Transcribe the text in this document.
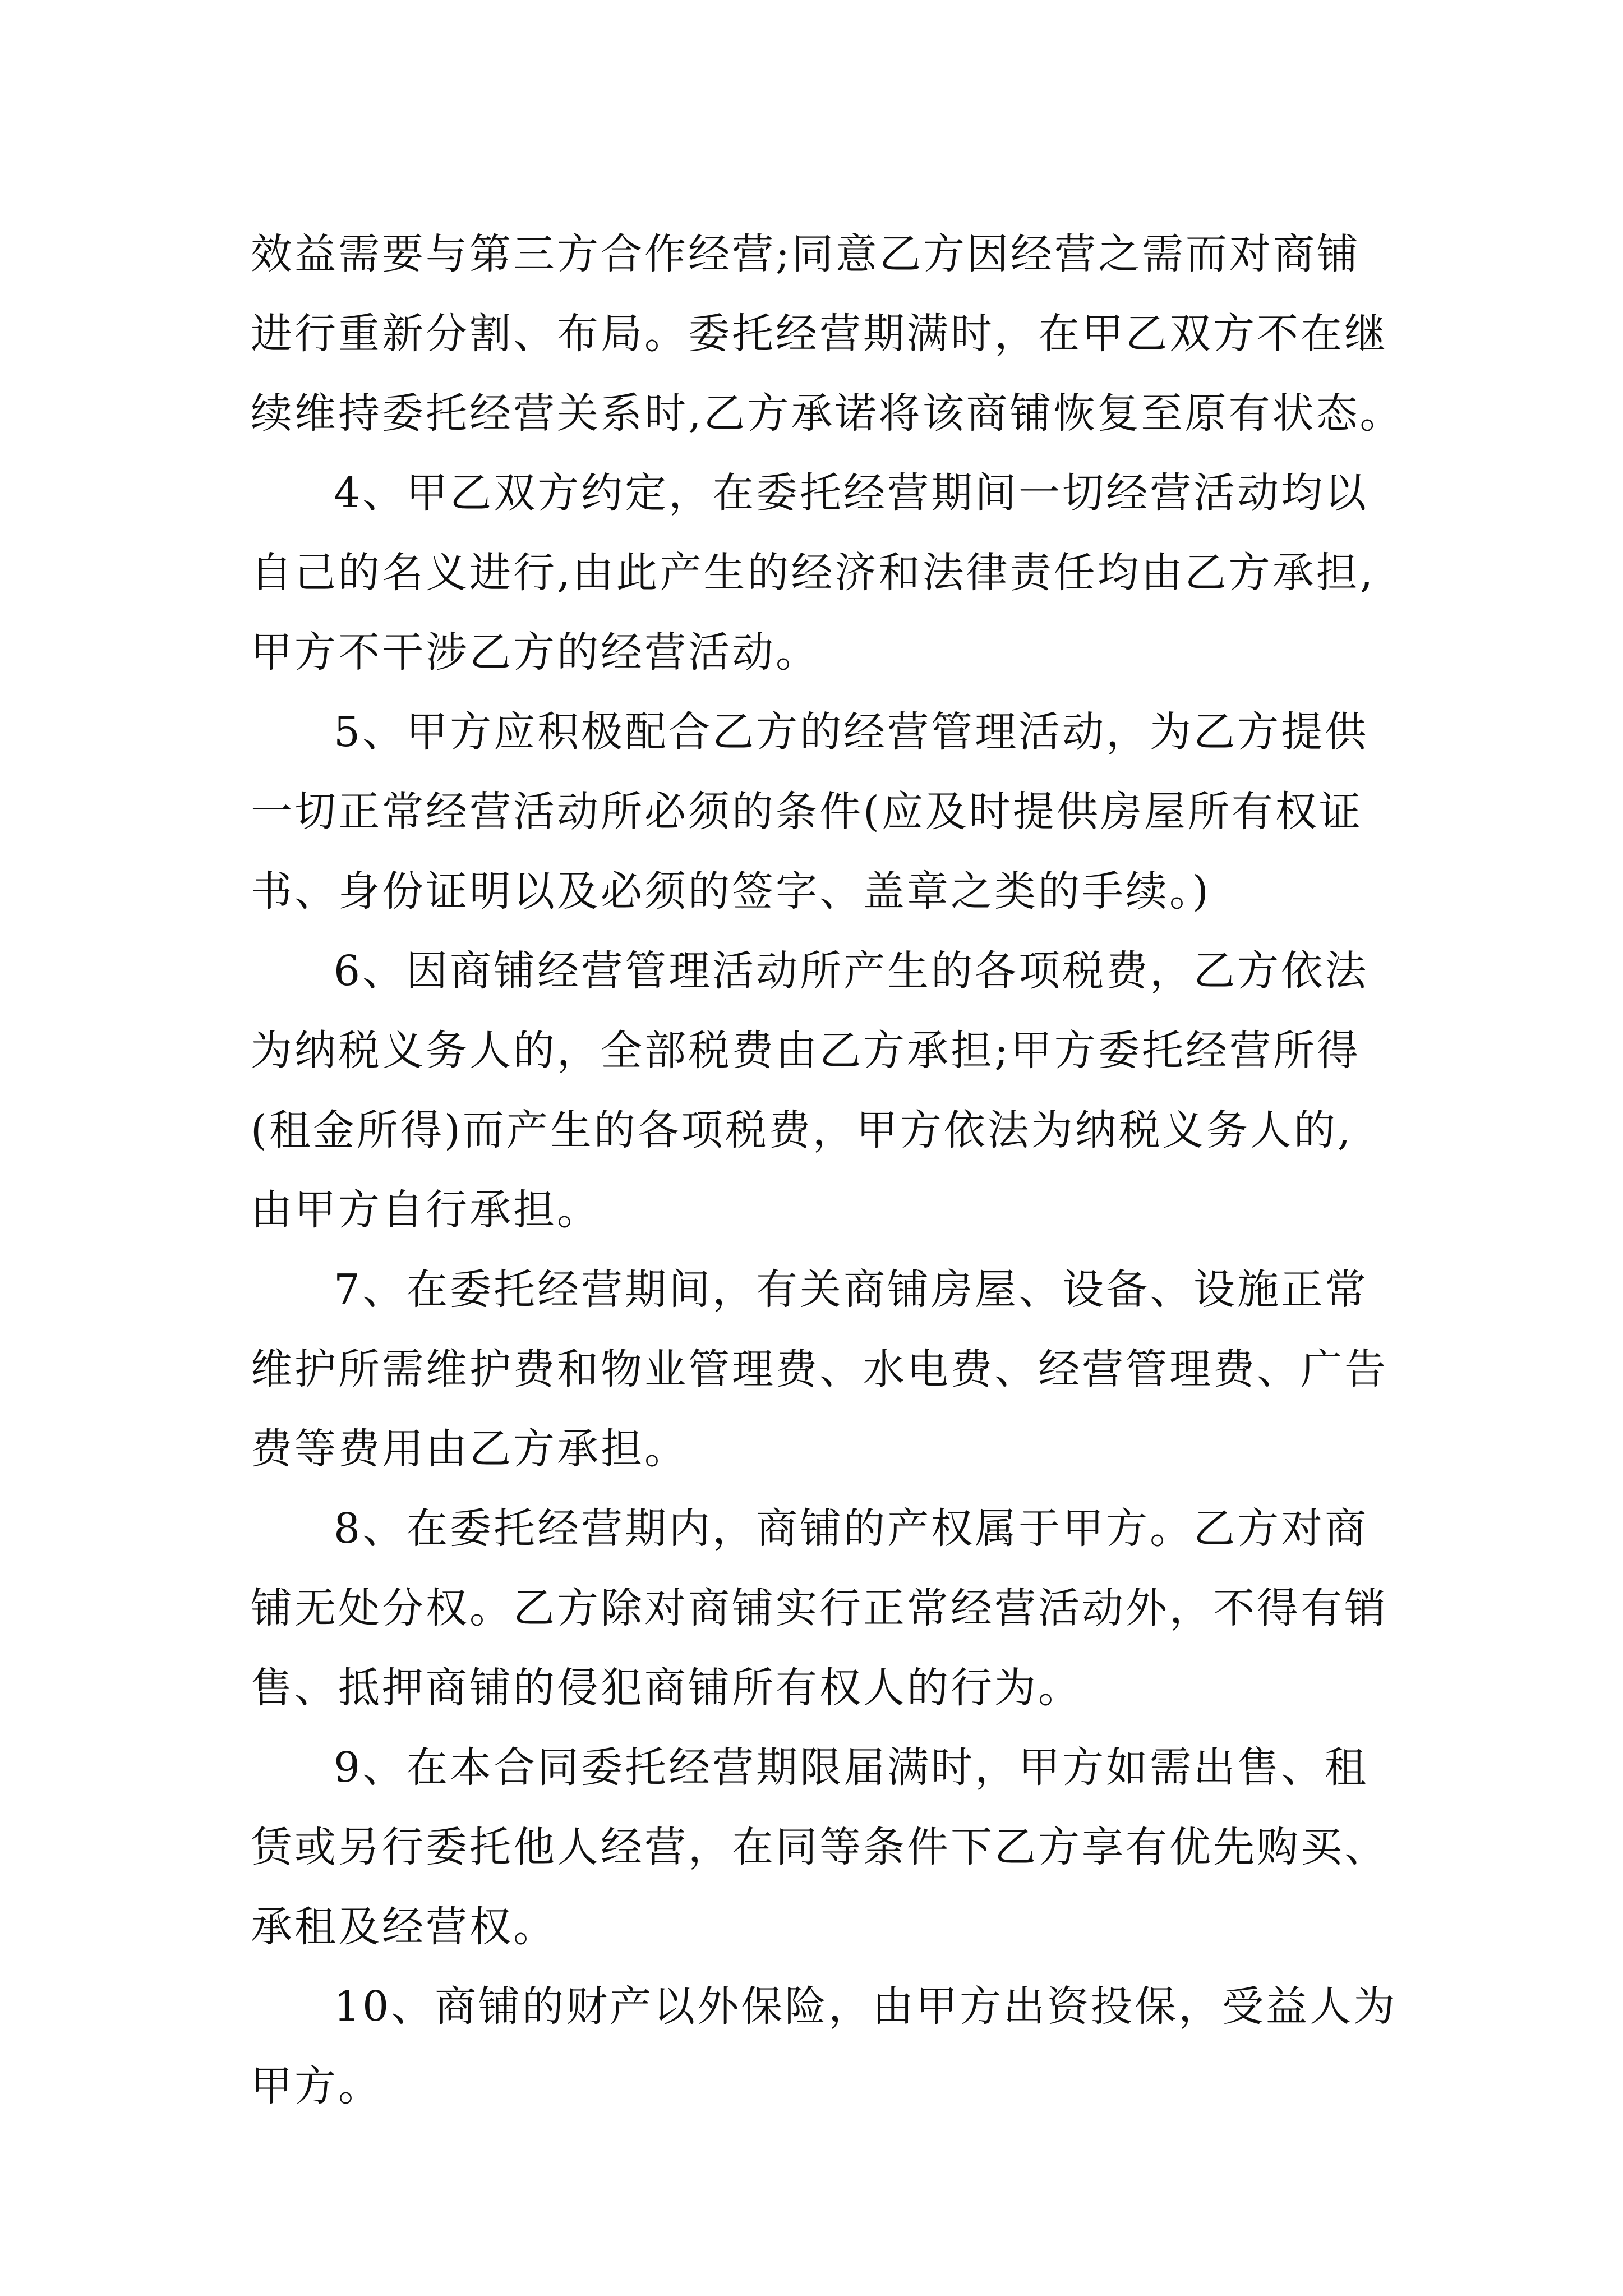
效益需要与第三方合作经营;同意乙方因经营之需而对商铺
进行重新分割、布局。委托经营期满时，在甲乙双方不在继
续维持委托经营关系时,乙方承诺将该商铺恢复至原有状态。
4、甲乙双方约定，在委托经营期间一切经营活动均以
自己的名义进行,由此产生的经济和法律责任均由乙方承担,
甲方不干涉乙方的经营活动。
5、甲方应积极配合乙方的经营管理活动，为乙方提供
一切正常经营活动所必须的条件(应及时提供房屋所有权证
书、身份证明以及必须的签字、盖章之类的手续。)
6、因商铺经营管理活动所产生的各项税费，乙方依法
为纳税义务人的，全部税费由乙方承担;甲方委托经营所得
(租金所得)而产生的各项税费，甲方依法为纳税义务人的,
由甲方自行承担。
7、在委托经营期间，有关商铺房屋、设备、设施正常
维护所需维护费和物业管理费、水电费、经营管理费、广告
费等费用由乙方承担。
8、在委托经营期内，商铺的产权属于甲方。乙方对商
铺无处分权。乙方除对商铺实行正常经营活动外，不得有销
售、抵押商铺的侵犯商铺所有权人的行为。
9、在本合同委托经营期限届满时，甲方如需出售、租
赁或另行委托他人经营，在同等条件下乙方享有优先购买、
承租及经营权。
10、商铺的财产以外保险，由甲方出资投保，受益人为
甲方。
